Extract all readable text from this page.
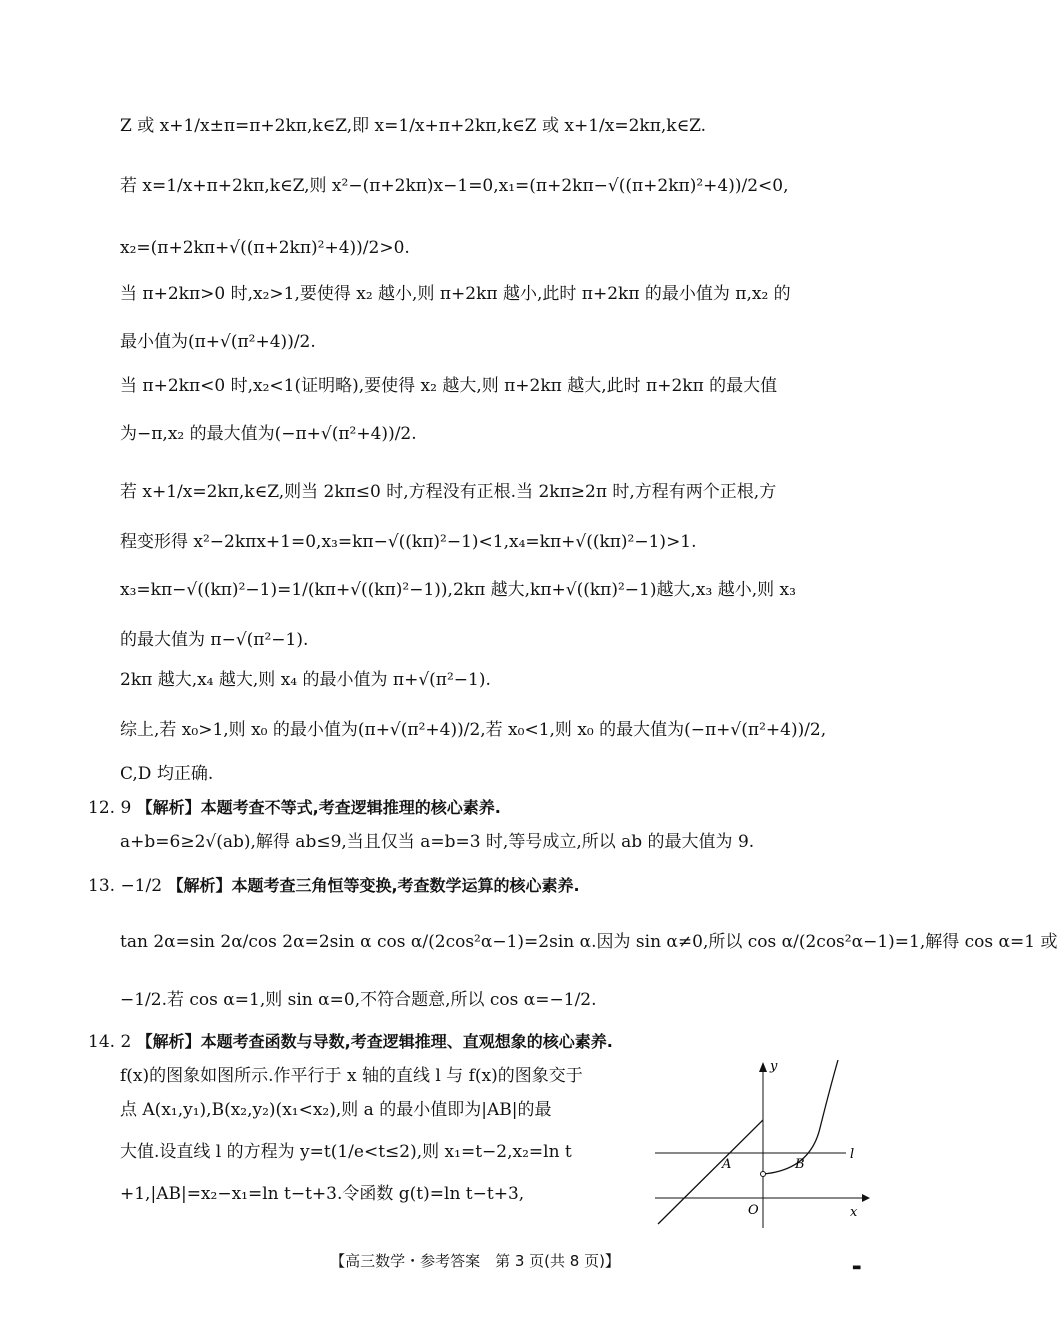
Z 或 x+1/x±π=π+2kπ,k∈Z,即 x=1/x+π+2kπ,k∈Z 或 x+1/x=2kπ,k∈Z.
若 x=1/x+π+2kπ,k∈Z,则 x²−(π+2kπ)x−1=0,x₁=(π+2kπ−√((π+2kπ)²+4))/2<0,
x₂=(π+2kπ+√((π+2kπ)²+4))/2>0.
当 π+2kπ>0 时,x₂>1,要使得 x₂ 越小,则 π+2kπ 越小,此时 π+2kπ 的最小值为 π,x₂ 的
最小值为(π+√(π²+4))/2.
当 π+2kπ<0 时,x₂<1(证明略),要使得 x₂ 越大,则 π+2kπ 越大,此时 π+2kπ 的最大值
为−π,x₂ 的最大值为(−π+√(π²+4))/2.
若 x+1/x=2kπ,k∈Z,则当 2kπ≤0 时,方程没有正根.当 2kπ≥2π 时,方程有两个正根,方
程变形得 x²−2kπx+1=0,x₃=kπ−√((kπ)²−1)<1,x₄=kπ+√((kπ)²−1)>1.
x₃=kπ−√((kπ)²−1)=1/(kπ+√((kπ)²−1)),2kπ 越大,kπ+√((kπ)²−1)越大,x₃ 越小,则 x₃
的最大值为 π−√(π²−1).
2kπ 越大,x₄ 越大,则 x₄ 的最小值为 π+√(π²−1).
综上,若 x₀>1,则 x₀ 的最小值为(π+√(π²+4))/2,若 x₀<1,则 x₀ 的最大值为(−π+√(π²+4))/2,
C,D 均正确.
12. 9 【解析】本题考查不等式,考查逻辑推理的核心素养.
a+b=6≥2√(ab),解得 ab≤9,当且仅当 a=b=3 时,等号成立,所以 ab 的最大值为 9.
13. −1/2 【解析】本题考查三角恒等变换,考查数学运算的核心素养.
tan 2α=sin 2α/cos 2α=2sin α cos α/(2cos²α−1)=2sin α.因为 sin α≠0,所以 cos α/(2cos²α−1)=1,解得 cos α=1 或
−1/2.若 cos α=1,则 sin α=0,不符合题意,所以 cos α=−1/2.
14. 2 【解析】本题考查函数与导数,考查逻辑推理、直观想象的核心素养.
f(x)的图象如图所示.作平行于 x 轴的直线 l 与 f(x)的图象交于
点 A(x₁,y₁),B(x₂,y₂)(x₁<x₂),则 a 的最小值即为|AB|的最
大值.设直线 l 的方程为 y=t(1/e<t≤2),则 x₁=t−2,x₂=ln t
+1,|AB|=x₂−x₁=ln t−t+3.令函数 g(t)=ln t−t+3,
y
x
O
A	B
l
【高三数学・参考答案　第 3 页(共 8 页)】	▬
